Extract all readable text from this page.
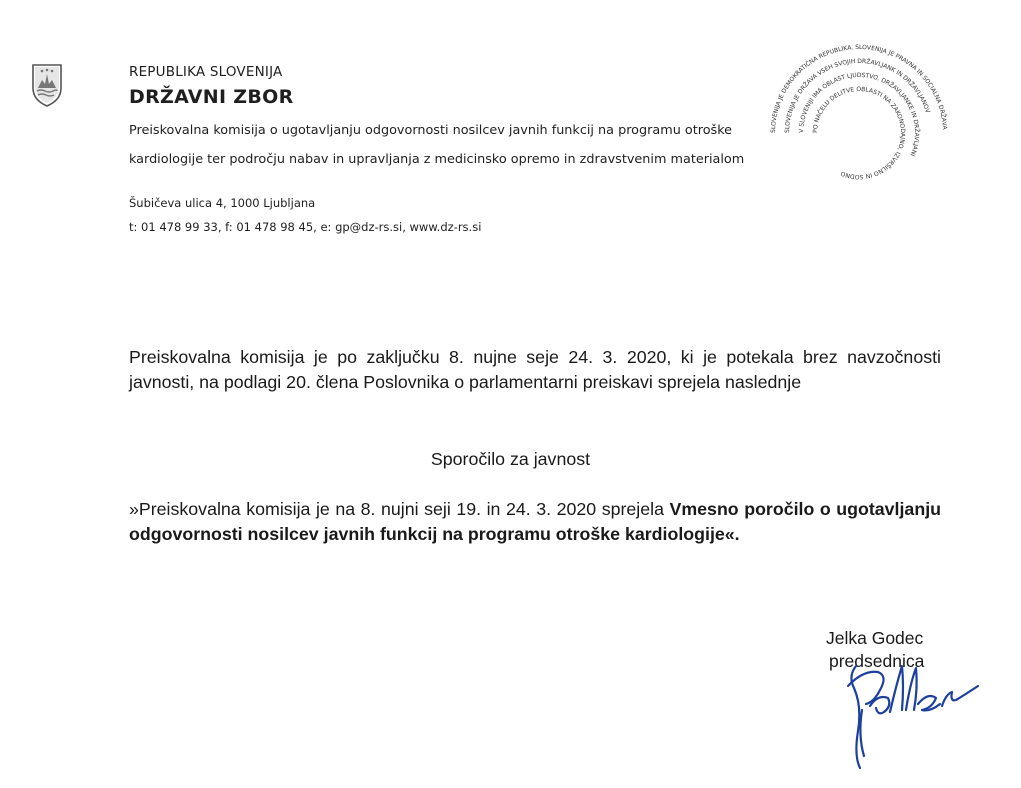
REPUBLIKA SLOVENIJA
DRŽAVNI ZBOR
Preiskovalna komisija o ugotavljanju odgovornosti nosilcev javnih funkcij na programu otroške
kardiologije ter področju nabav in upravljanja z medicinsko opremo in zdravstvenim materialom
Šubičeva ulica 4, 1000 Ljubljana
t: 01 478 99 33, f: 01 478 98 45, e: gp@dz-rs.si, www.dz-rs.si
SLOVENIJA JE DEMOKRATIČNA REPUBLIKA. SLOVENIJA JE PRAVNA IN SOCIALNA DRŽAVA
SLOVENIJA JE DRŽAVA VSEH SVOJIH DRŽAVLJANK IN DRŽAVLJANOV
V SLOVENIJI IMA OBLAST LJUDSTVO. DRŽAVLJANKE IN DRŽAVLJANI
PO NAČELU DELITVE OBLASTI NA ZAKONODAJNO, IZVRŠILNO IN SODNO

Preiskovalna komisija je po zaključku 8. nujne seje 24. 3. 2020, ki je potekala brez navzočnosti javnosti, na podlagi 20. člena Poslovnika o parlamentarni preiskavi sprejela naslednje

Sporočilo za javnost

»Preiskovalna komisija je na 8. nujni seji 19. in 24. 3. 2020 sprejela Vmesno poročilo o ugotavljanju odgovornosti nosilcev javnih funkcij na programu otroške kardiologije«.

Jelka Godec
predsednica
